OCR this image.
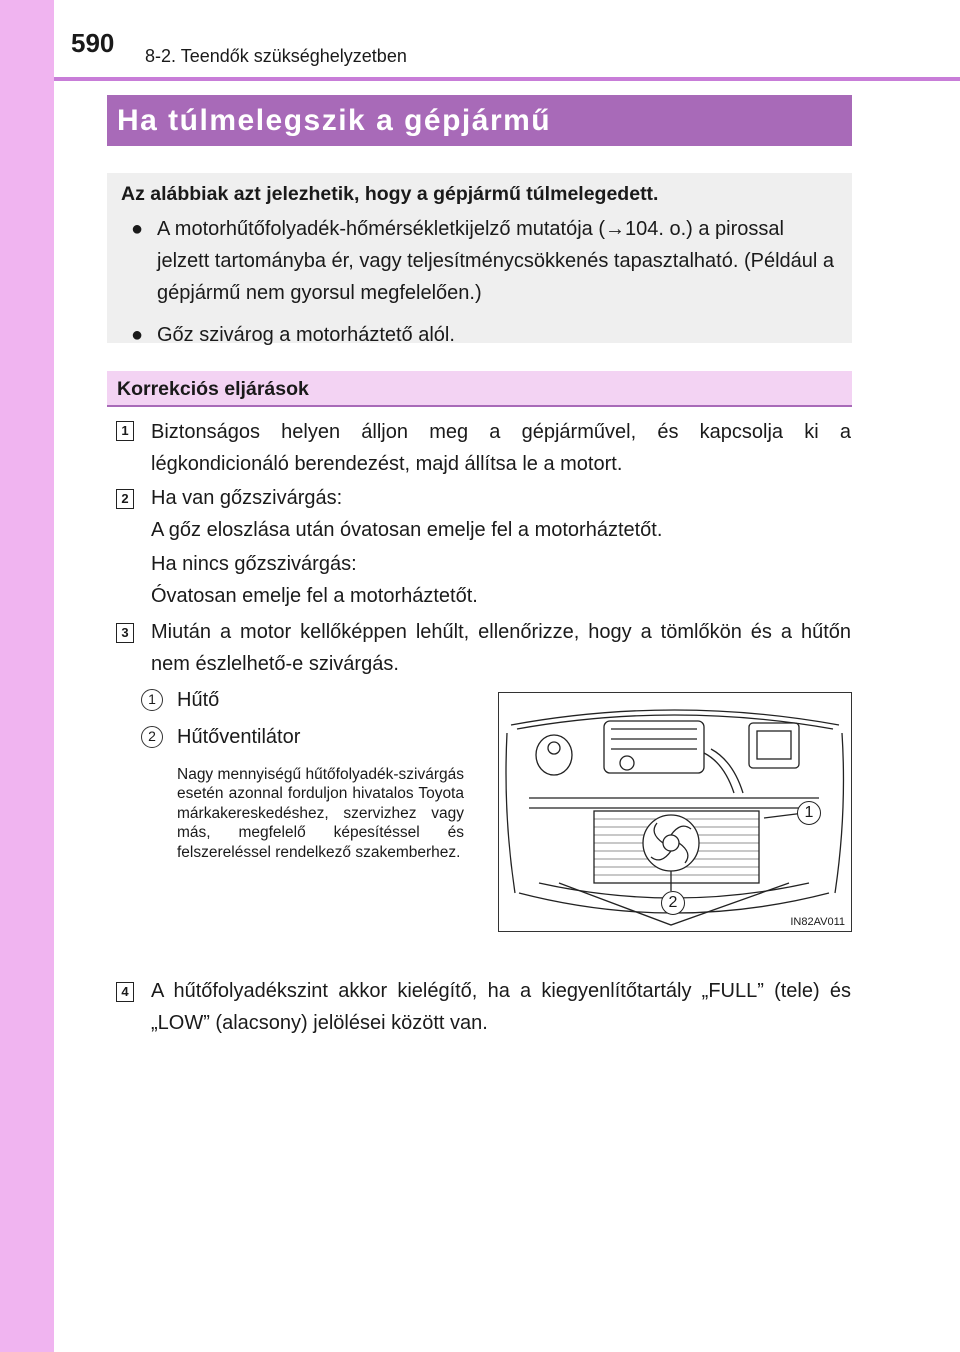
590 8-2. Teendők szükséghelyzetben
Ha túlmelegszik a gépjármű
Az alábbiak azt jelezhetik, hogy a gépjármű túlmelegedett.
● A motorhűtőfolyadék-hőmérsékletkijelző mutatója (→104. o.) a pirossal jelzett tartományba ér, vagy teljesítménycsökkenés tapasztalható. (Például a gépjármű nem gyorsul megfelelően.)
● Gőz szivárog a motorháztető alól.
Korrekciós eljárások
1 Biztonságos helyen álljon meg a gépjárművel, és kapcsolja ki a légkondicionáló berendezést, majd állítsa le a motort.
2 Ha van gőzszivárgás:
A gőz eloszlása után óvatosan emelje fel a motorháztetőt.
Ha nincs gőzszivárgás:
Óvatosan emelje fel a motorháztetőt.
3 Miután a motor kellőképpen lehűlt, ellenőrizze, hogy a tömlőkön és a hűtőn nem észlelhető-e szivárgás.
1	Hűtő
2	Hűtőventilátor
Nagy mennyiségű hűtőfolyadék-szivárgás esetén azonnal forduljon hivatalos Toyota márkakereskedéshez, szervizhez vagy más, megfelelő képesítéssel és felszereléssel rendelkező szakemberhez.
1
2
IN82AV011
4 A hűtőfolyadékszint akkor kielégítő, ha a kiegyenlítőtartály „FULL” (tele) és „LOW” (alacsony) jelölései között van.
